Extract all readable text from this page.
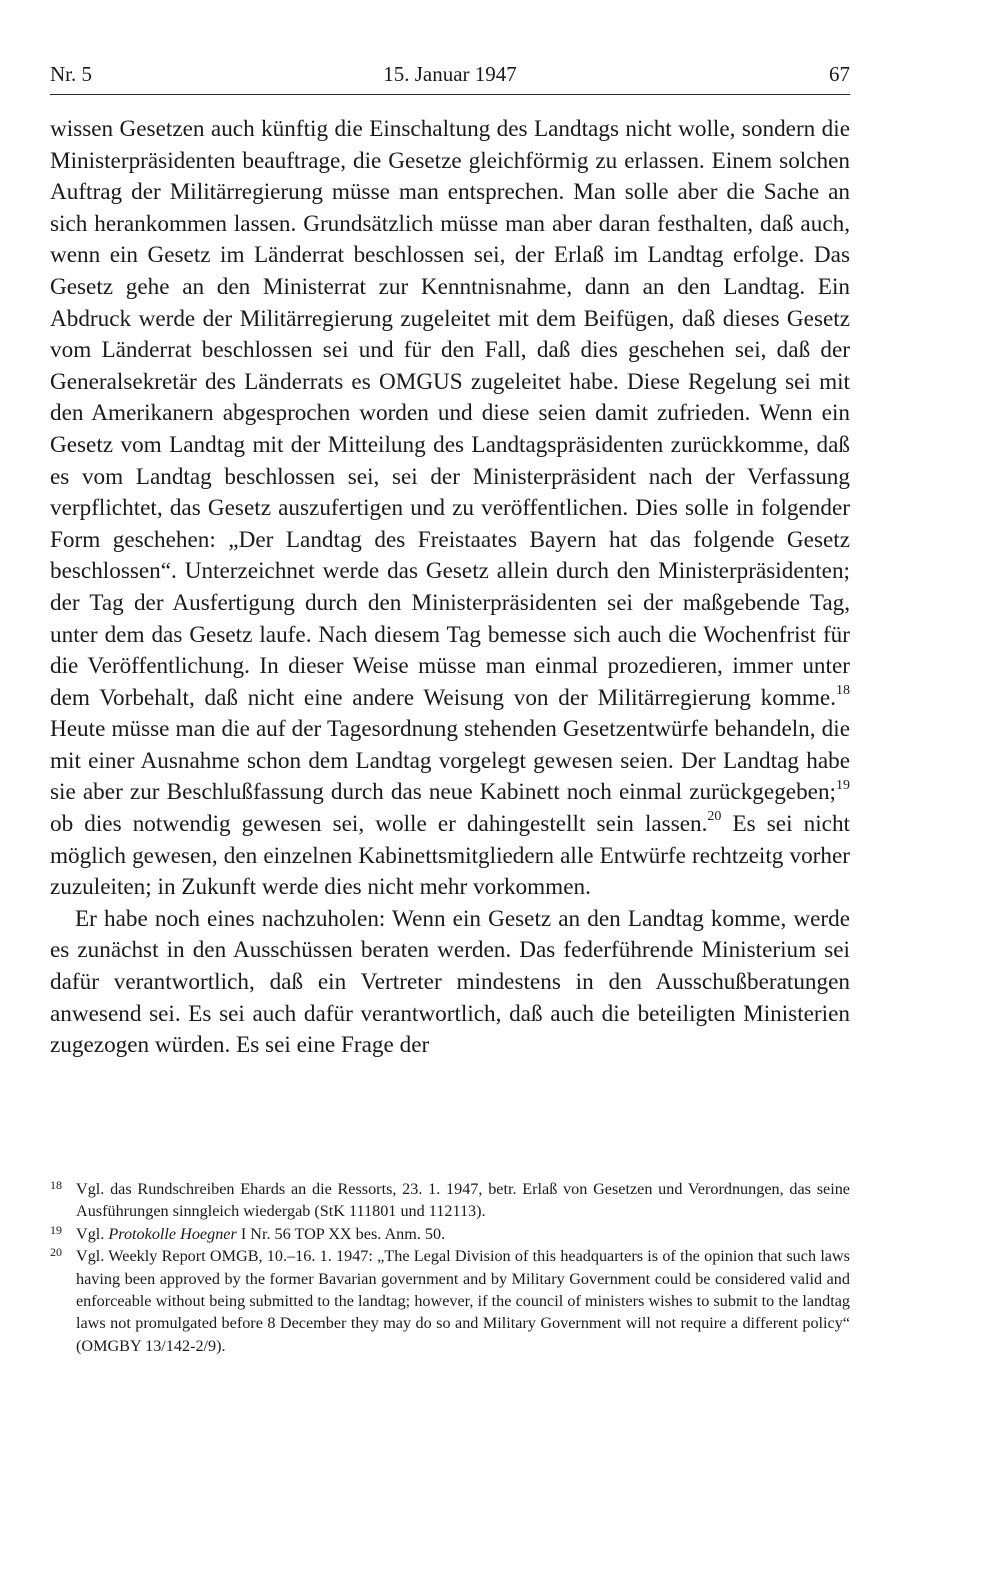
Nr. 5	15. Januar 1947	67

wissen Gesetzen auch künftig die Einschaltung des Landtags nicht wolle, sondern die Ministerpräsidenten beauftrage, die Gesetze gleichförmig zu erlassen. Einem solchen Auftrag der Militärregierung müsse man entsprechen. Man solle aber die Sache an sich herankommen lassen. Grundsätzlich müsse man aber daran festhalten, daß auch, wenn ein Gesetz im Länderrat beschlossen sei, der Erlaß im Landtag erfolge. Das Gesetz gehe an den Ministerrat zur Kenntnisnahme, dann an den Landtag. Ein Abdruck werde der Militärregierung zugeleitet mit dem Beifügen, daß dieses Gesetz vom Länderrat beschlossen sei und für den Fall, daß dies geschehen sei, daß der Generalsekretär des Länderrats es OMGUS zugeleitet habe. Diese Regelung sei mit den Amerikanern abgesprochen worden und diese seien damit zufrieden. Wenn ein Gesetz vom Landtag mit der Mitteilung des Landtagspräsidenten zurückkomme, daß es vom Landtag beschlossen sei, sei der Ministerpräsident nach der Verfassung verpflichtet, das Gesetz auszufertigen und zu veröffentlichen. Dies solle in folgender Form geschehen: „Der Landtag des Freistaates Bayern hat das folgende Gesetz beschlossen“. Unterzeichnet werde das Gesetz allein durch den Ministerpräsidenten; der Tag der Ausfertigung durch den Ministerpräsidenten sei der maßgebende Tag, unter dem das Gesetz laufe. Nach diesem Tag bemesse sich auch die Wochenfrist für die Veröffentlichung. In dieser Weise müsse man einmal prozedieren, immer unter dem Vorbehalt, daß nicht eine andere Weisung von der Militärregierung komme.$^{18}$ Heute müsse man die auf der Tagesordnung stehenden Gesetzentwürfe behandeln, die mit einer Ausnahme schon dem Landtag vorgelegt gewesen seien. Der Landtag habe sie aber zur Beschlußfassung durch das neue Kabinett noch einmal zurückgegeben;$^{19}$ ob dies notwendig gewesen sei, wolle er dahingestellt sein lassen.$^{20}$ Es sei nicht möglich gewesen, den einzelnen Kabinettsmitgliedern alle Entwürfe rechtzeitg vorher zuzuleiten; in Zukunft werde dies nicht mehr vorkommen.

Er habe noch eines nachzuholen: Wenn ein Gesetz an den Landtag komme, werde es zunächst in den Ausschüssen beraten werden. Das federführende Ministerium sei dafür verantwortlich, daß ein Vertreter mindestens in den Ausschußberatungen anwesend sei. Es sei auch dafür verantwortlich, daß auch die beteiligten Ministerien zugezogen würden. Es sei eine Frage der

18 Vgl. das Rundschreiben Ehards an die Ressorts, 23. 1. 1947, betr. Erlaß von Gesetzen und Verordnungen, das seine Ausführungen sinngleich wiedergab (StK 111801 und 112113).
19 Vgl. Protokolle Hoegner I Nr. 56 TOP XX bes. Anm. 50.
20 Vgl. Weekly Report OMGB, 10.–16. 1. 1947: „The Legal Division of this headquarters is of the opinion that such laws having been approved by the former Bavarian government and by Military Government could be considered valid and enforceable without being submitted to the landtag; however, if the council of ministers wishes to submit to the landtag laws not promulgated before 8 December they may do so and Military Government will not require a different policy“ (OMGBY 13/142-2/9).
